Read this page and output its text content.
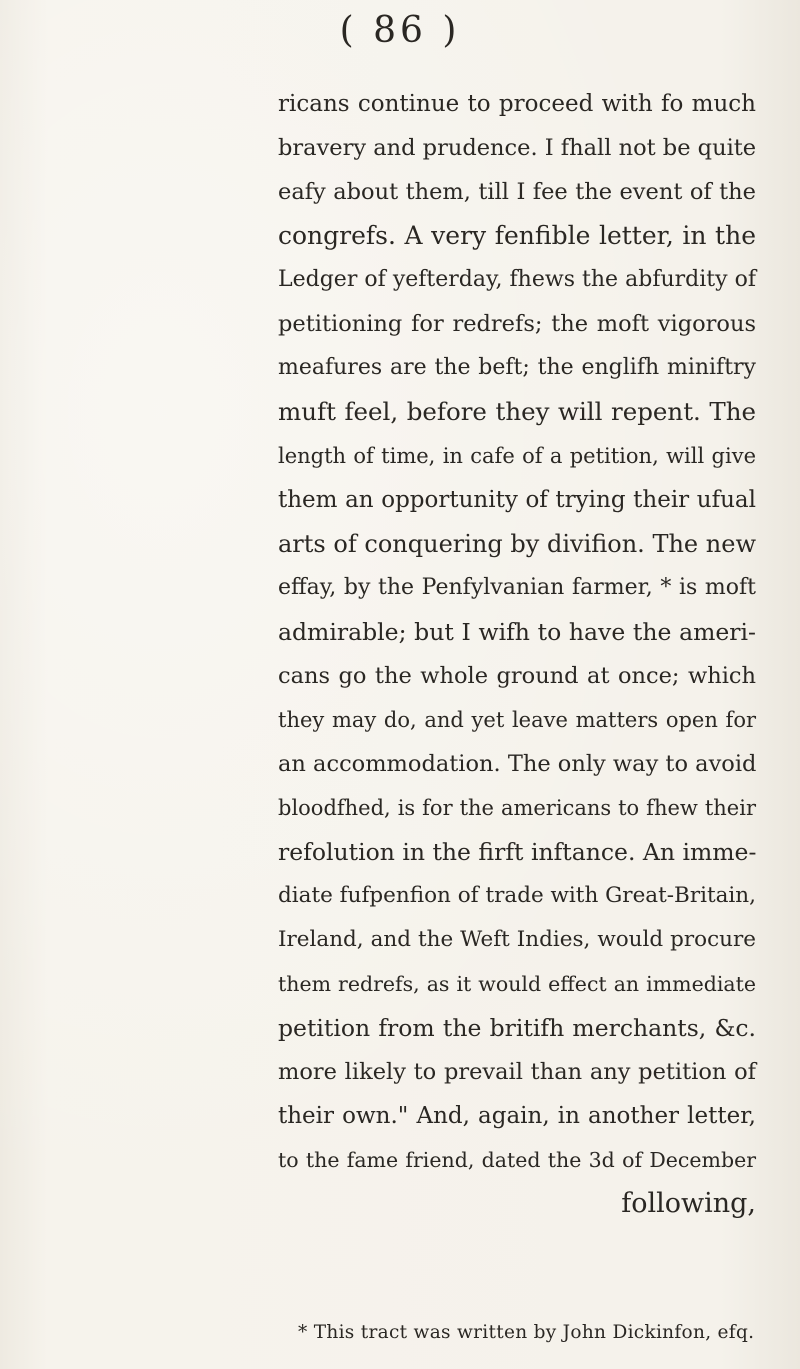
( 86 )
ricans continue to proceed with fo much
bravery and prudence. I fhall not be quite
eafy about them, till I fee the event of the
congrefs. A very fenfible letter, in the
Ledger of yefterday, fhews the abfurdity of
petitioning for redrefs; the moft vigorous
meafures are the beft; the englifh miniftry
muft feel, before they will repent. The
length of time, in cafe of a petition, will give
them an opportunity of trying their ufual
arts of conquering by divifion. The new
effay, by the Penfylvanian farmer, * is moft
admirable; but I wifh to have the ameri-
cans go the whole ground at once; which
they may do, and yet leave matters open for
an accommodation. The only way to avoid
bloodfhed, is for the americans to fhew their
refolution in the firft inftance. An imme-
diate fufpenfion of trade with Great-Britain,
Ireland, and the Weft Indies, would procure
them redrefs, as it would effect an immediate
petition from the britifh merchants, &c.
more likely to prevail than any petition of
their own." And, again, in another letter,
to the fame friend, dated the 3d of December
following,
* This tract was written by John Dickinfon, efq.
